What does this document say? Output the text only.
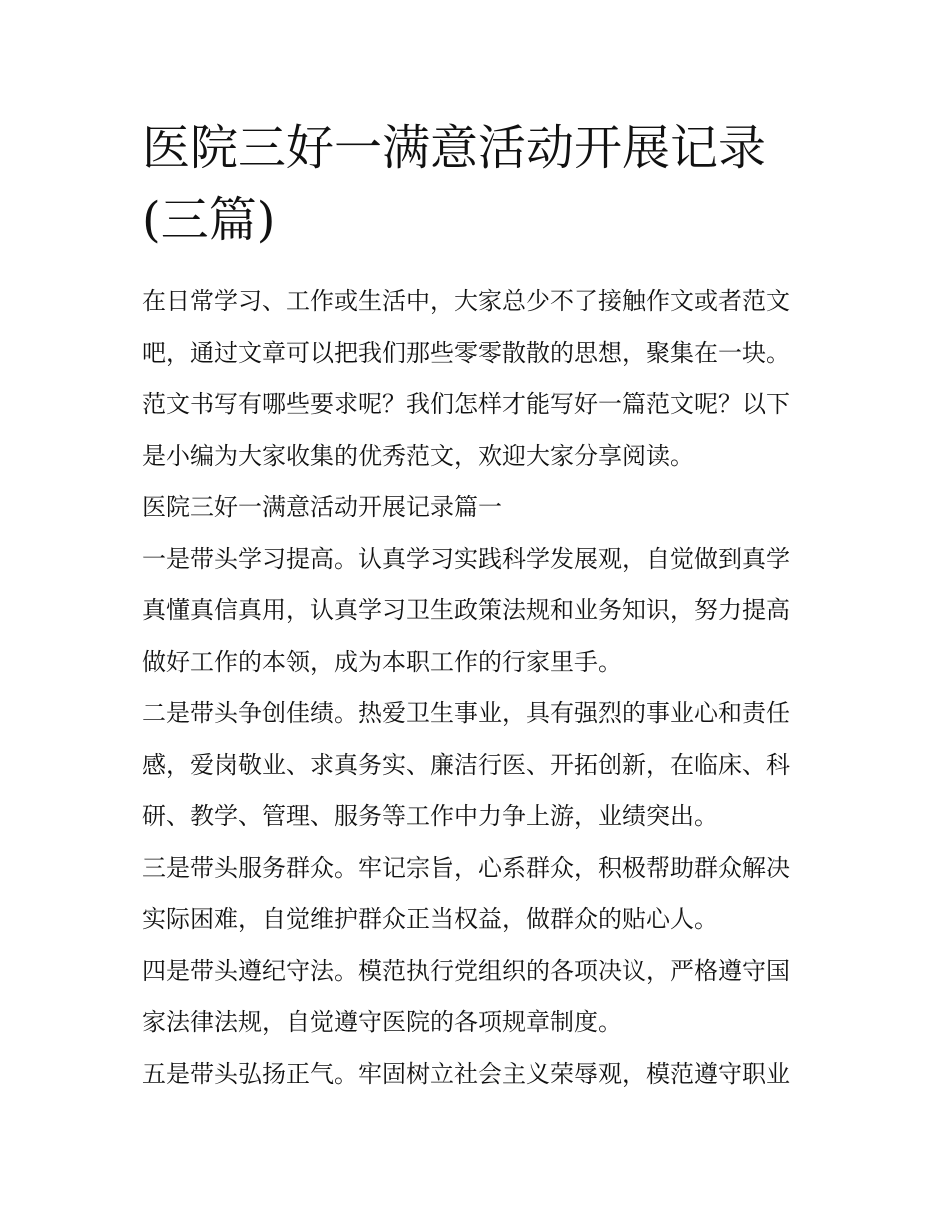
医院三好一满意活动开展记录
(三篇)
在日常学习、工作或生活中，大家总少不了接触作文或者范文
吧，通过文章可以把我们那些零零散散的思想，聚集在一块。
范文书写有哪些要求呢？我们怎样才能写好一篇范文呢？以下
是小编为大家收集的优秀范文，欢迎大家分享阅读。
医院三好一满意活动开展记录篇一
一是带头学习提高。认真学习实践科学发展观，自觉做到真学
真懂真信真用，认真学习卫生政策法规和业务知识，努力提高
做好工作的本领，成为本职工作的行家里手。
二是带头争创佳绩。热爱卫生事业，具有强烈的事业心和责任
感，爱岗敬业、求真务实、廉洁行医、开拓创新，在临床、科
研、教学、管理、服务等工作中力争上游，业绩突出。
三是带头服务群众。牢记宗旨，心系群众，积极帮助群众解决
实际困难，自觉维护群众正当权益，做群众的贴心人。
四是带头遵纪守法。模范执行党组织的各项决议，严格遵守国
家法律法规，自觉遵守医院的各项规章制度。
五是带头弘扬正气。牢固树立社会主义荣辱观，模范遵守职业
